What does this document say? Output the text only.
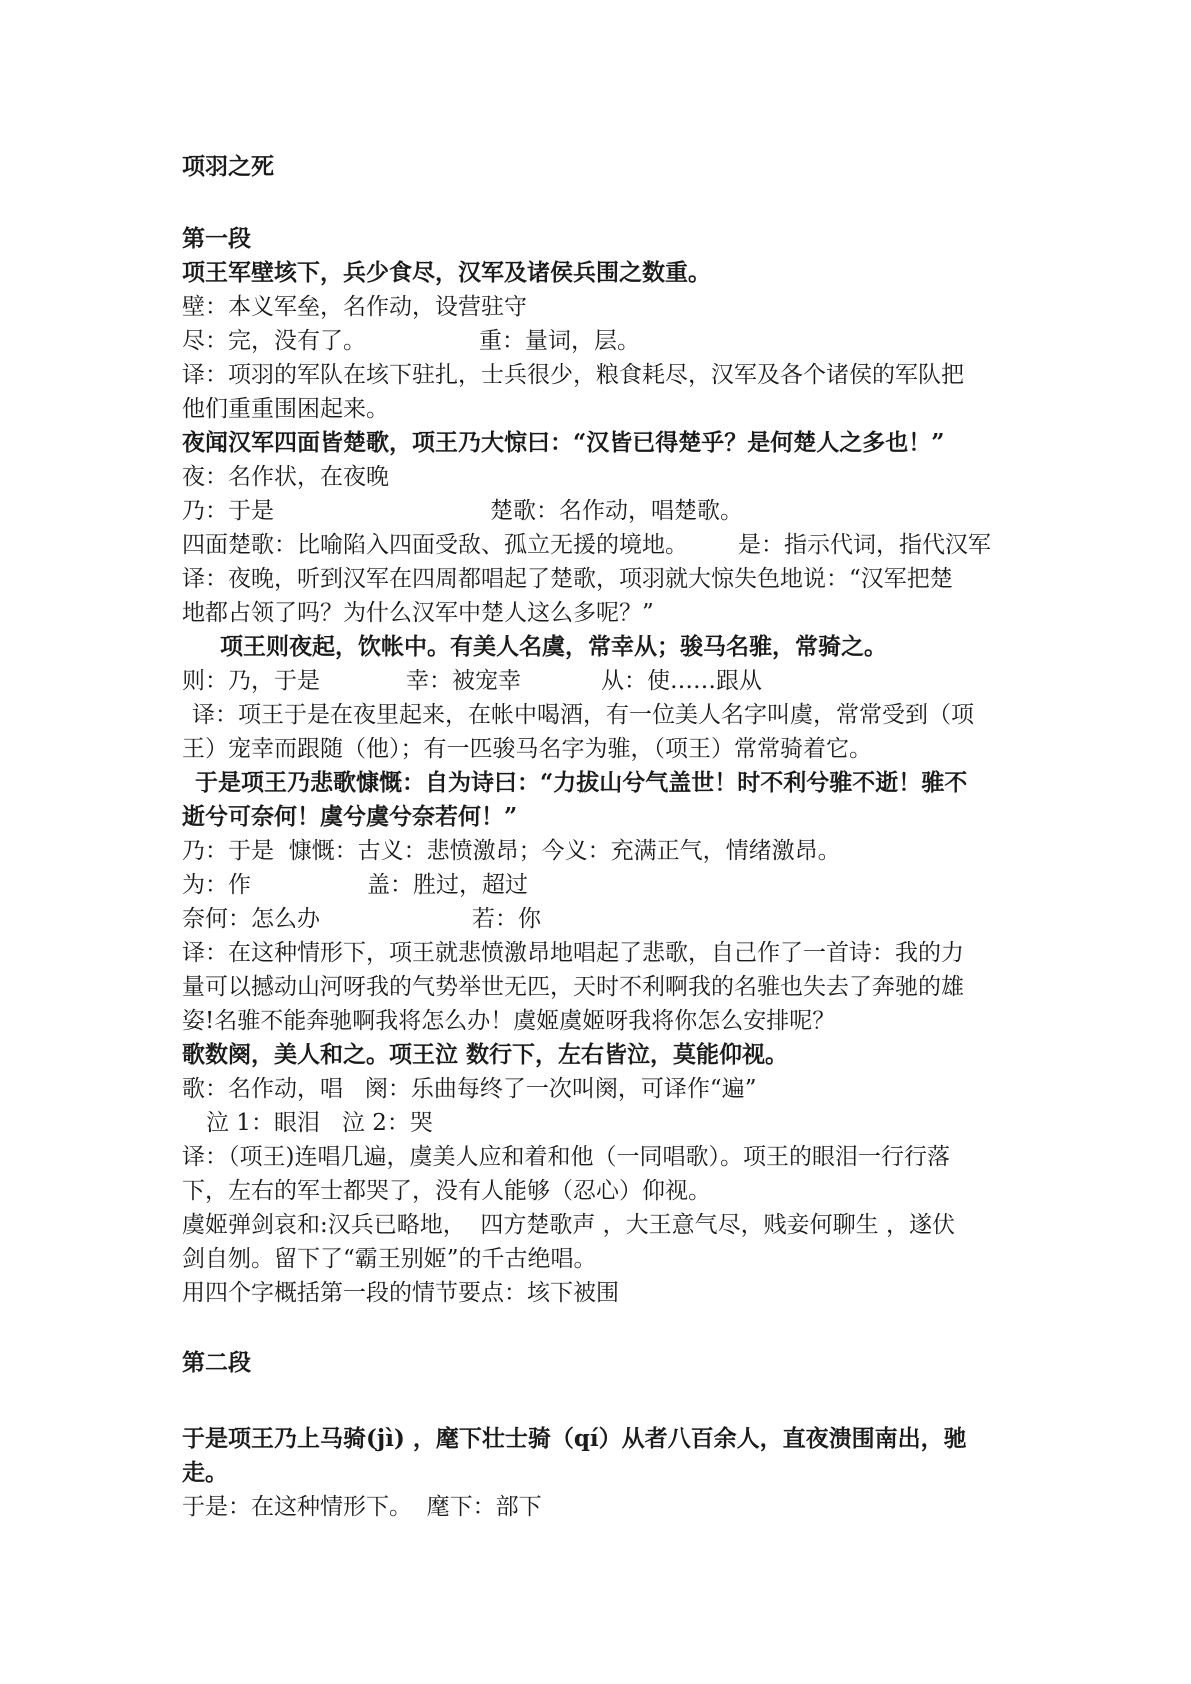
项羽之死
第一段
项王军壁垓下，兵少食尽，汉军及诸侯兵围之数重。
壁：本义军垒，名作动，设营驻守
尽：完，没有了。	重：量词，层。
译：项羽的军队在垓下驻扎，士兵很少，粮食耗尽，汉军及各个诸侯的军队把
他们重重围困起来。
夜闻汉军四面皆楚歌，项王乃大惊曰：“汉皆已得楚乎？是何楚人之多也！”
夜：名作状，在夜晚
乃：于是	楚歌：名作动，唱楚歌。
四面楚歌：比喻陷入四面受敌、孤立无援的境地。 是：指示代词，指代汉军
译：夜晚，听到汉军在四周都唱起了楚歌，项羽就大惊失色地说：“汉军把楚
地都占领了吗？为什么汉军中楚人这么多呢？”
项王则夜起，饮帐中。有美人名虞，常幸从；骏马名骓，常骑之。
则：乃，于是	幸：被宠幸	从：使……跟从
译：项王于是在夜里起来，在帐中喝酒，有一位美人名字叫虞，常常受到（项
王）宠幸而跟随（他）；有一匹骏马名字为骓，（项王）常常骑着它。
于是项王乃悲歌慷慨：自为诗曰：“力拔山兮气盖世！时不利兮骓不逝！骓不
逝兮可奈何！虞兮虞兮奈若何！”
乃：于是  慷慨：古义：悲愤激昂；今义：充满正气，情绪激昂。
为：作	盖：胜过，超过
奈何：怎么办	若：你
译：在这种情形下，项王就悲愤激昂地唱起了悲歌，自己作了一首诗：我的力
量可以撼动山河呀我的气势举世无匹，天时不利啊我的名骓也失去了奔驰的雄
姿!名骓不能奔驰啊我将怎么办！虞姬虞姬呀我将你怎么安排呢？
歌数阕，美人和之。项王泣 数行下，左右皆泣，莫能仰视。
歌：名作动，唱   阕：乐曲每终了一次叫阕，可译作“遍”
泣 1：眼泪   泣 2：哭
译：（项王)连唱几遍，虞美人应和着和他（一同唱歌）。项王的眼泪一行行落
下，左右的军士都哭了，没有人能够（忍心）仰视。
虞姬弹剑哀和:汉兵已略地，  四方楚歌声 ，大王意气尽，贱妾何聊生 ，遂伏
剑自刎。留下了“霸王别姬”的千古绝唱。
用四个字概括第一段的情节要点：垓下被围
第二段
于是项王乃上马骑(jì) ，麾下壮士骑（qí）从者八百余人，直夜溃围南出，驰
走。
于是：在这种情形下。  麾下：部下
